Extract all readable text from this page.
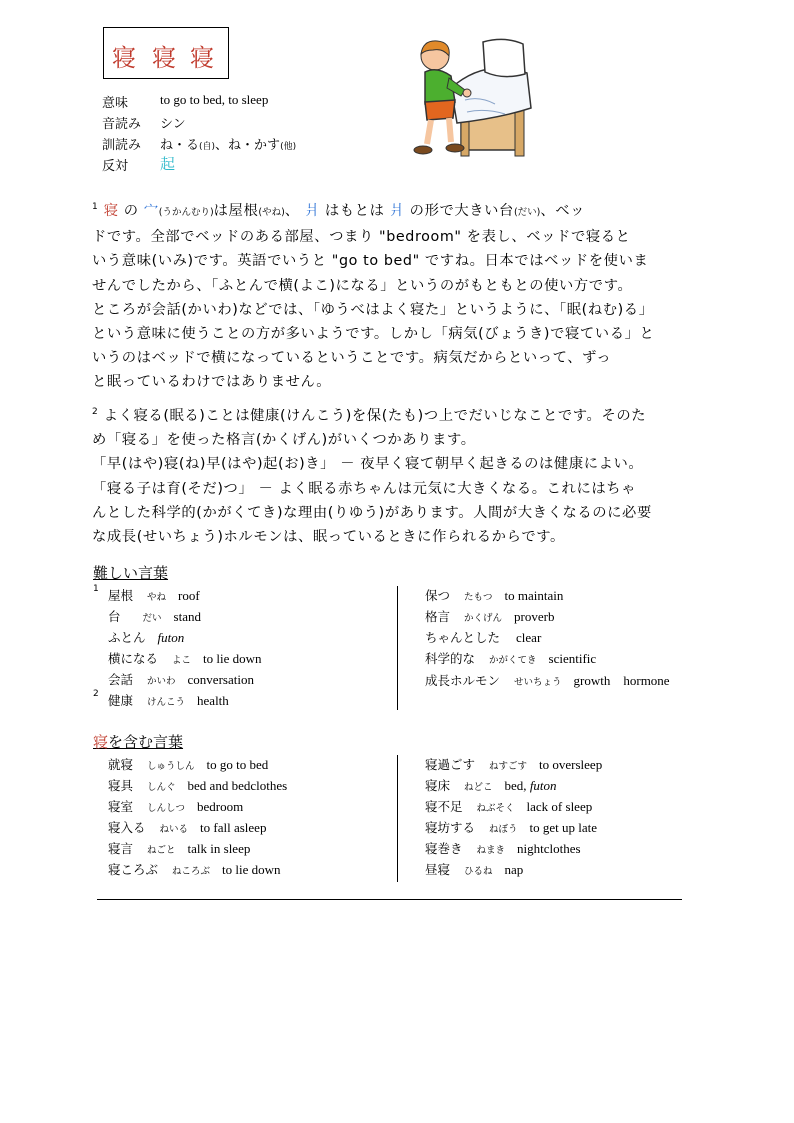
寝 寝 寝
意味 to go to bed, to sleep
音読み シン
訓読み ね・る(自)、ね・かす(他)
反対 起

$^1$ 寝 の 宀(うかんむり)は屋根(やね)、 爿 はもとは 爿 の形で大きい台(だい)、ベッ

ドです。全部でベッドのある部屋、つまり "bedroom" を表し、ベッドで寝ると

いう意味(いみ)です。英語でいうと "go to bed" ですね。日本ではベッドを使いま

せんでしたから、「ふとんで横(よこ)になる」というのがもともとの使い方です。

ところが会話(かいわ)などでは、「ゆうべはよく寝た」というように、「眠(ねむ)る」

という意味に使うことの方が多いようです。しかし「病気(びょうき)で寝ている」と

いうのはベッドで横になっているということです。病気だからといって、ずっ

と眠っているわけではありません。

$^2$ よく寝る(眠る)ことは健康(けんこう)を保(たも)つ上でだいじなことです。そのた

め「寝る」を使った格言(かくげん)がいくつかあります。

「早(はや)寝(ね)早(はや)起(お)き」 － 夜早く寝て朝早く起きるのは健康によい。

「寝る子は育(そだ)つ」 － よく眠る赤ちゃんは元気に大きくなる。これにはちゃ

んとした科学的(かがくてき)な理由(りゆう)があります。人間が大きくなるのに必要

な成長(せいちょう)ホルモンは、眠っているときに作られるからです。

難しい言葉
1 屋根 やね roof
台 だい stand
ふとん futon
横になる よこ to lie down
会話 かいわ conversation
2 健康 けんこう health
保つ たもつ to maintain
格言 かくげん proverb
ちゃんとした clear
科学的な かがくてき scientific
成長ホルモン せいちょう growth　hormone
寝を含む言葉
就寝 しゅうしん to go to bed
寝具 しんぐ bed and bedclothes
寝室 しんしつ bedroom
寝入る ねいる to fall asleep
寝言 ねごと talk in sleep
寝ころぶ ねころぶ to lie down
寝過ごす ねすごす to oversleep
寝床 ねどこ bed, futon
寝不足 ねぶそく lack of sleep
寝坊する ねぼう to get up late
寝巻き ねまき nightclothes
昼寝 ひるね nap
